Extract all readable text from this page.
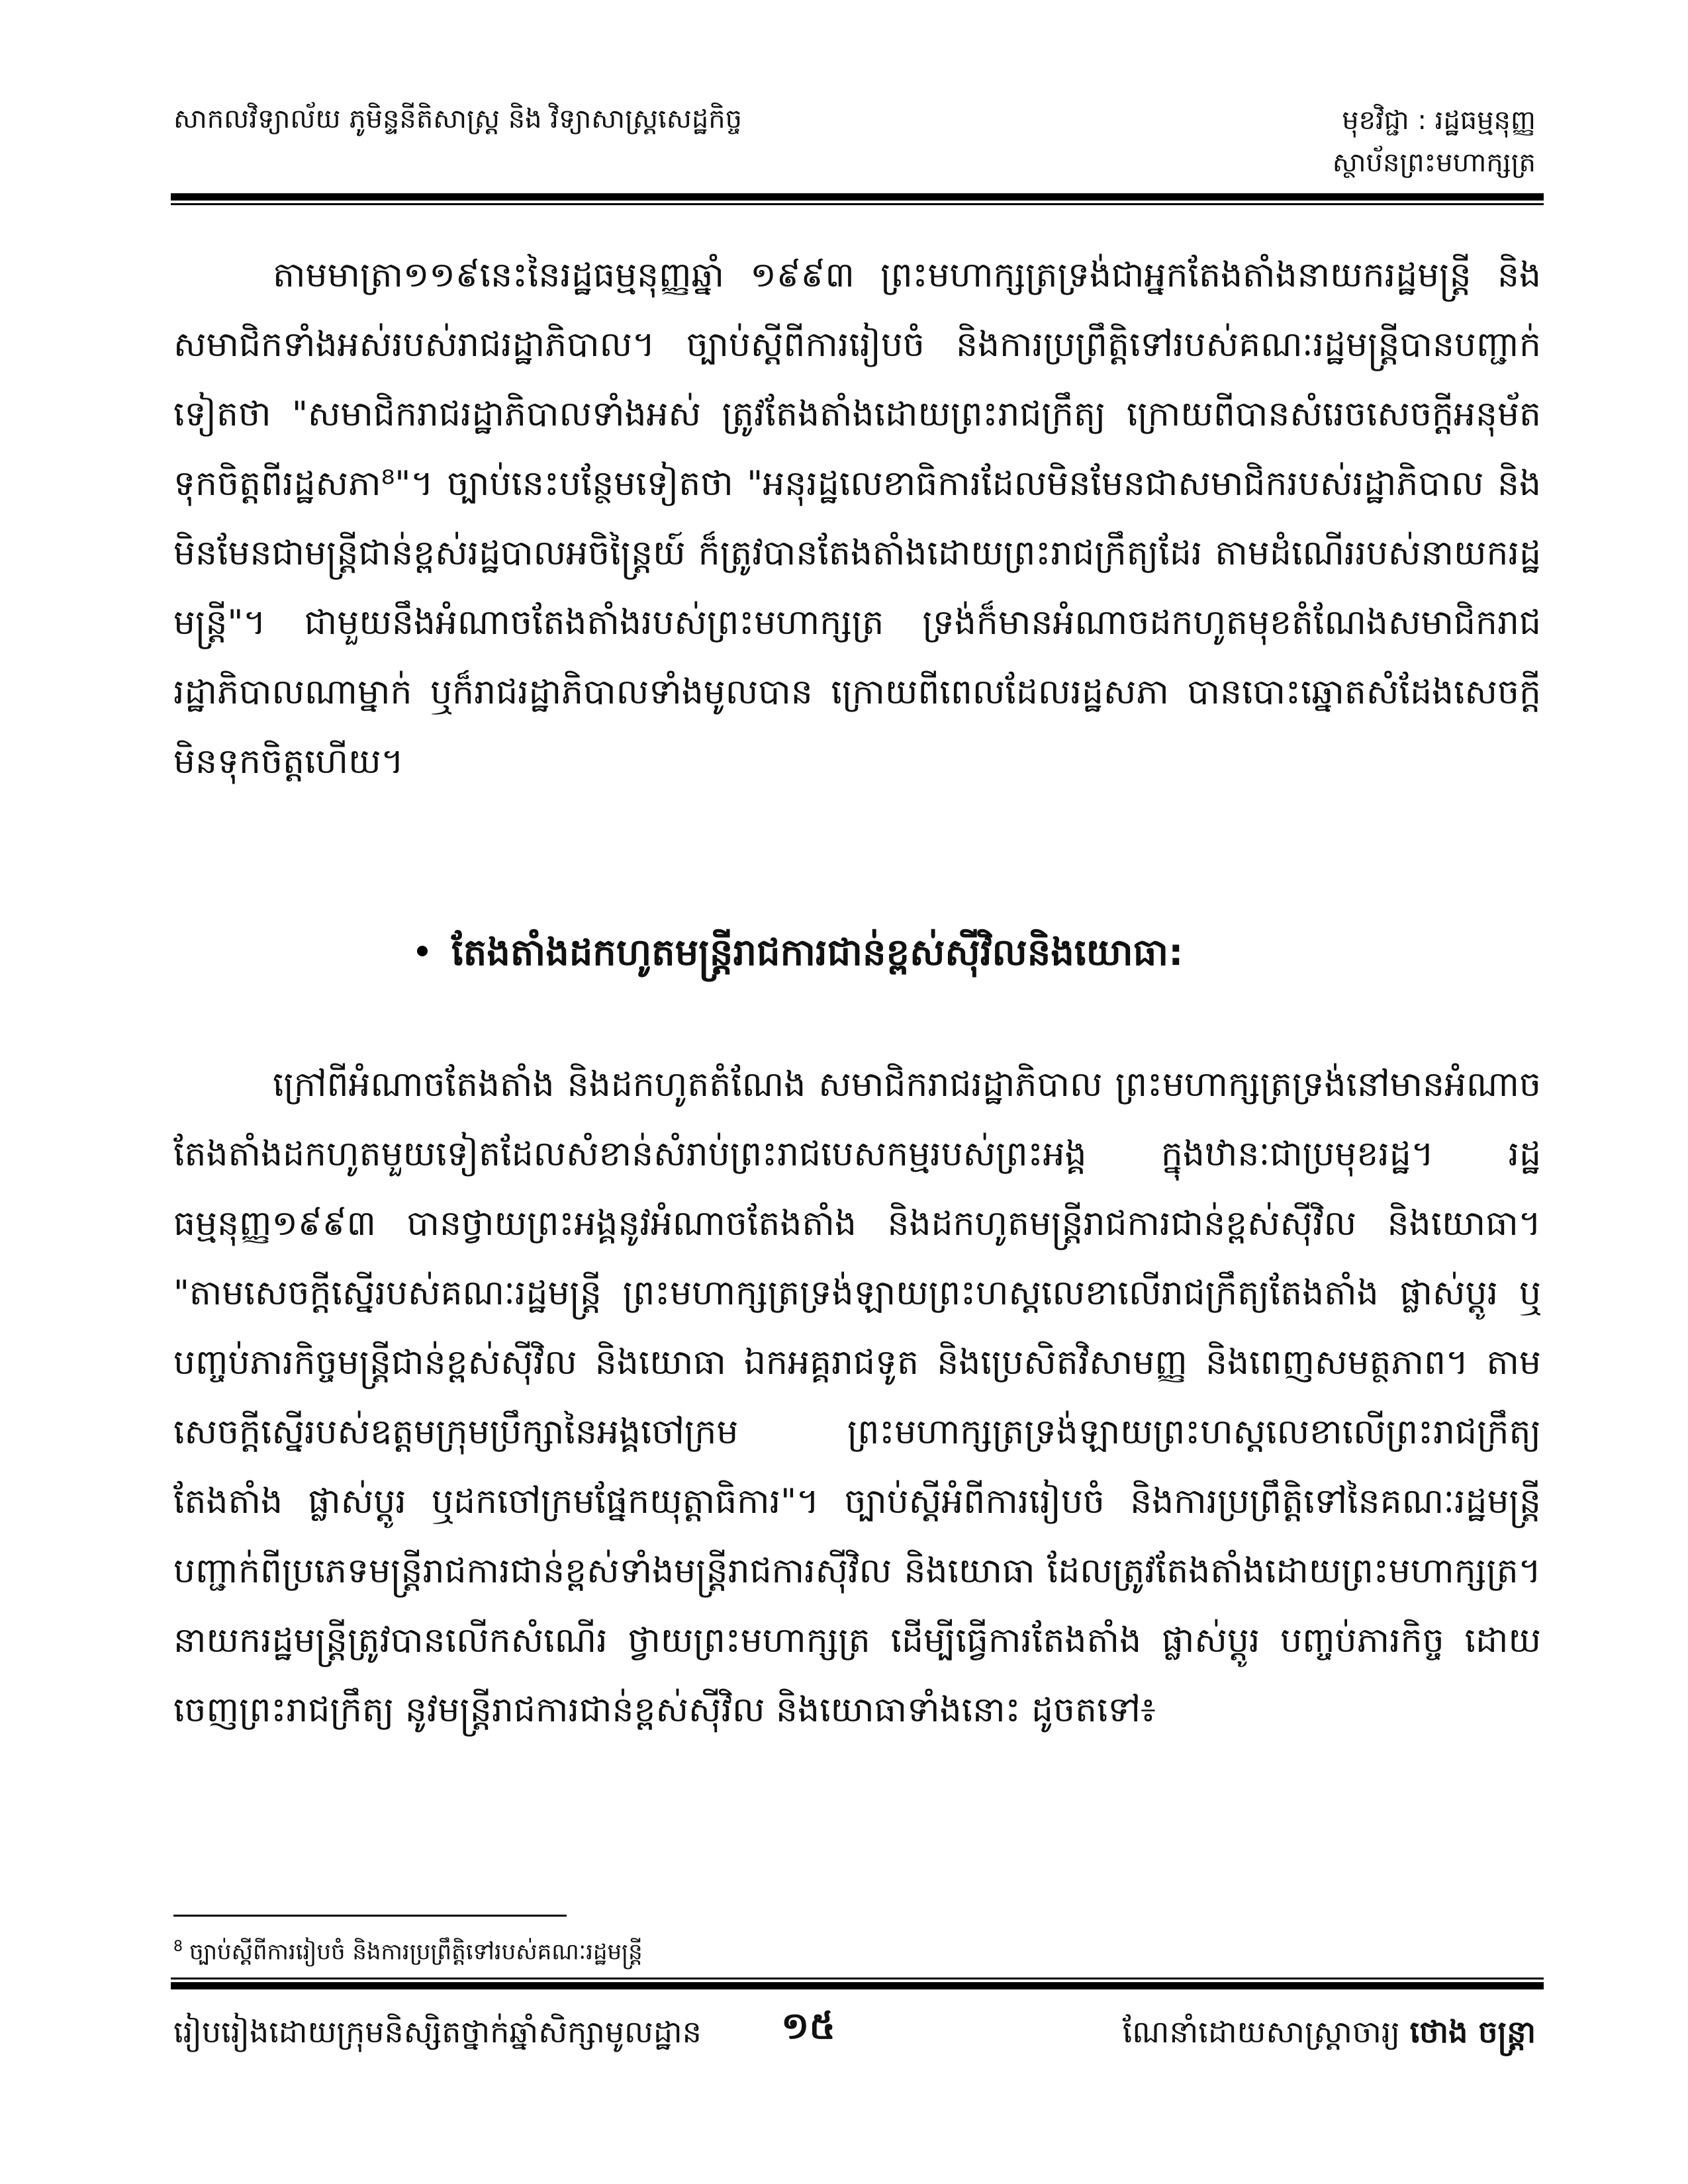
សាកលវិទ្យាល័យ ភូមិន្ទនីតិសាស្ត្រ និង វិទ្យាសាស្ត្រសេដ្ឋកិច្ច	មុខវិជ្ជា : រដ្ឋធម្មនុញ្ញ
ស្ថាប័នព្រះមហាក្សត្រ

តាមមាត្រា១១៩នេះនៃរដ្ឋធម្មនុញ្ញឆ្នាំ ១៩៩៣ ព្រះមហាក្សត្រទ្រង់ជាអ្នកតែងតាំងនាយករដ្ឋមន្ត្រី និងសមាជិកទាំងអស់របស់រាជរដ្ឋាភិបាល។ ច្បាប់ស្តីពីការរៀបចំ និងការប្រព្រឹត្តិទៅរបស់គណៈរដ្ឋមន្ត្រីបានបញ្ជាក់ទៀតថា "សមាជិករាជរដ្ឋាភិបាលទាំងអស់ ត្រូវតែងតាំងដោយព្រះរាជក្រឹត្យ ក្រោយពីបានសំរេចសេចក្តីអនុម័តទុកចិត្តពីរដ្ឋសភា⁸"។ ច្បាប់នេះបន្ថែមទៀតថា "អនុរដ្ឋលេខាធិការដែលមិនមែនជាសមាជិករបស់រដ្ឋាភិបាល និងមិនមែនជាមន្ត្រីជាន់ខ្ពស់រដ្ឋបាលអចិន្ត្រៃយ៍ ក៏ត្រូវបានតែងតាំងដោយព្រះរាជក្រឹត្យដែរ តាមដំណើររបស់នាយករដ្ឋមន្ត្រី"។ ជាមួយនឹងអំណាចតែងតាំងរបស់ព្រះមហាក្សត្រ ទ្រង់ក៏មានអំណាចដកហូតមុខតំណែងសមាជិករាជរដ្ឋាភិបាលណាម្នាក់ ឬក៏រាជរដ្ឋាភិបាលទាំងមូលបាន ក្រោយពីពេលដែលរដ្ឋសភា បានបោះឆ្នោតសំដែងសេចក្តីមិនទុកចិត្តហើយ។

តែងតាំងដកហូតមន្ត្រីរាជការជាន់ខ្ពស់ស៊ីវិលនិងយោធា:

ក្រៅពីអំណាចតែងតាំង និងដកហូតតំណែង សមាជិករាជរដ្ឋាភិបាល ព្រះមហាក្សត្រទ្រង់នៅមានអំណាចតែងតាំងដកហូតមួយទៀតដែលសំខាន់សំរាប់ព្រះរាជបេសកម្មរបស់ព្រះអង្គ ក្នុងឋានៈជាប្រមុខរដ្ឋ។ រដ្ឋធម្មនុញ្ញ១៩៩៣ បានថ្វាយព្រះអង្គនូវអំណាចតែងតាំង និងដកហូតមន្ត្រីរាជការជាន់ខ្ពស់ស៊ីវិល និងយោធា។ "តាមសេចក្តីស្នើរបស់គណៈរដ្ឋមន្ត្រី ព្រះមហាក្សត្រទ្រង់ឡាយព្រះហស្តលេខាលើរាជក្រឹត្យតែងតាំង ផ្លាស់ប្តូរ ឬបញ្ចប់ភារកិច្ចមន្ត្រីជាន់ខ្ពស់ស៊ីវិល និងយោធា ឯកអគ្គរាជទូត និងប្រេសិតវិសាមញ្ញ និងពេញសមត្ថភាព។ តាមសេចក្តីស្នើរបស់ឧត្តមក្រុមប្រឹក្សានៃអង្គចៅក្រម ព្រះមហាក្សត្រទ្រង់ឡាយព្រះហស្តលេខាលើព្រះរាជក្រឹត្យតែងតាំង ផ្លាស់ប្តូរ ឬដកចៅក្រមផ្នែកយុត្តាធិការ"។ ច្បាប់ស្តីអំពីការរៀបចំ និងការប្រព្រឹត្តិទៅនៃគណៈរដ្ឋមន្ត្រី បញ្ជាក់ពីប្រភេទមន្ត្រីរាជការជាន់ខ្ពស់ទាំងមន្ត្រីរាជការស៊ីវិល និងយោធា ដែលត្រូវតែងតាំងដោយព្រះមហាក្សត្រ។ នាយករដ្ឋមន្ត្រីត្រូវបានលើកសំណើរ ថ្វាយព្រះមហាក្សត្រ ដើម្បីធ្វើការតែងតាំង ផ្លាស់ប្តូរ បញ្ចប់ភារកិច្ច ដោយចេញព្រះរាជក្រឹត្យ នូវមន្ត្រីរាជការជាន់ខ្ពស់ស៊ីវិល និងយោធាទាំងនោះ ដូចតទៅ៖

$^8$ ច្បាប់ស្តីពីការរៀបចំ និងការប្រព្រឹត្តិទៅរបស់គណៈរដ្ឋមន្ត្រី
រៀបរៀងដោយក្រុមនិស្សិតថ្នាក់ឆ្នាំសិក្សាមូលដ្ឋាន ១៥	ណែនាំដោយសាស្ត្រាចារ្យ ថោង ចន្ត្រា
